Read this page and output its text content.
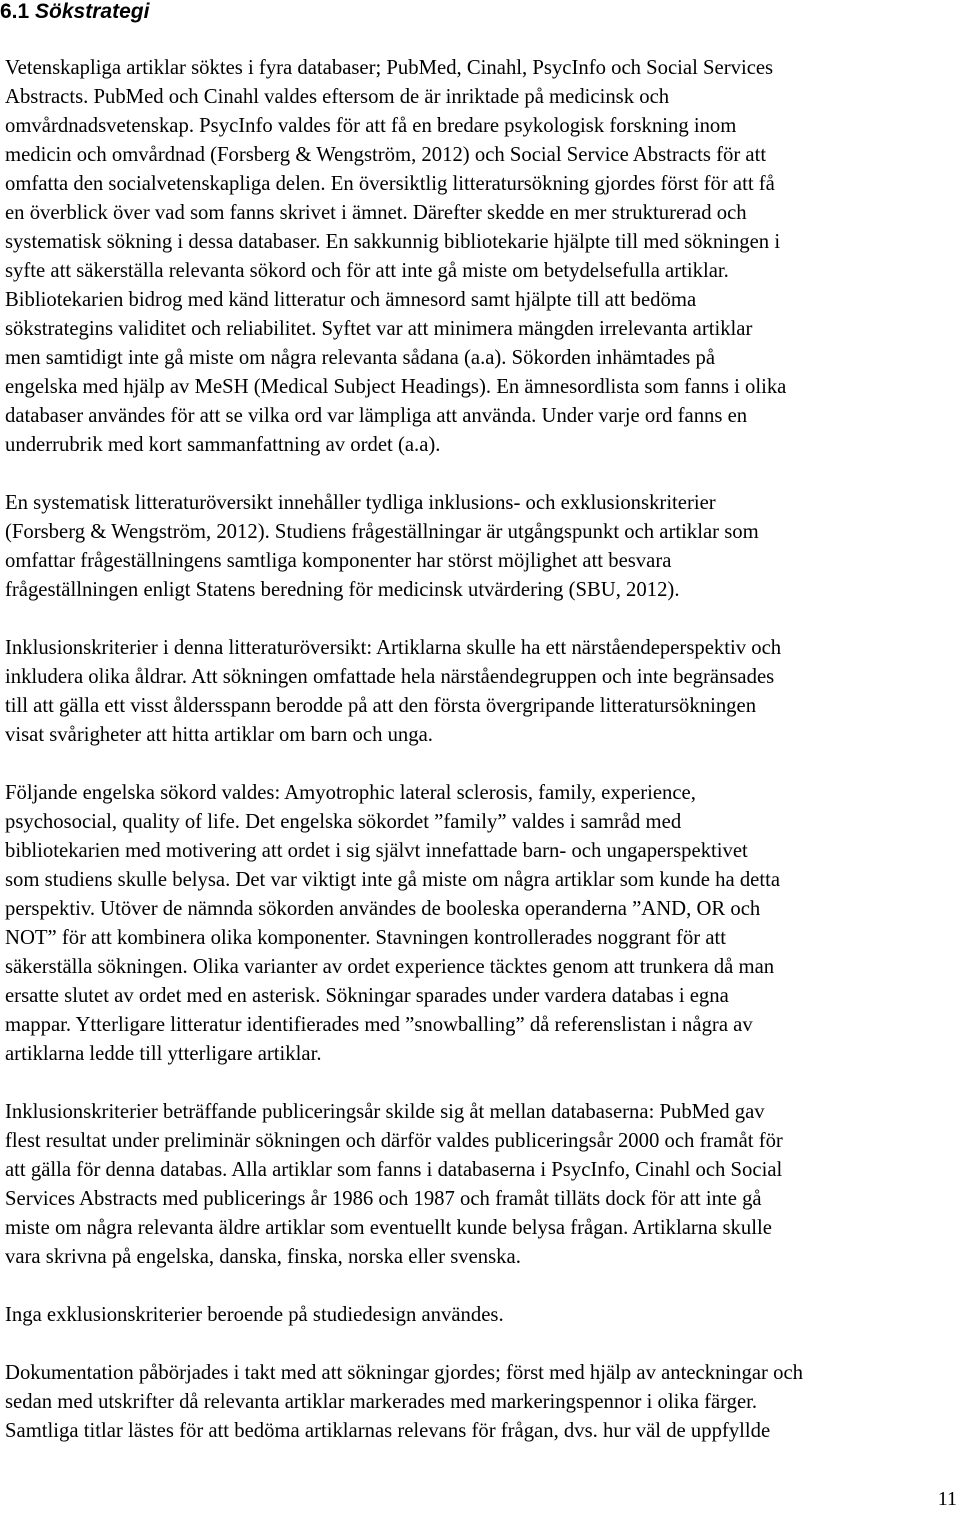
6.1 Sökstrategi
Vetenskapliga artiklar söktes i fyra databaser; PubMed, Cinahl, PsycInfo och Social Services
Abstracts. PubMed och Cinahl valdes eftersom de är inriktade på medicinsk och
omvårdnadsvetenskap. PsycInfo valdes för att få en bredare psykologisk forskning inom
medicin och omvårdnad (Forsberg & Wengström, 2012) och Social Service Abstracts för att
omfatta den socialvetenskapliga delen. En översiktlig litteratursökning gjordes först för att få
en överblick över vad som fanns skrivet i ämnet. Därefter skedde en mer strukturerad och
systematisk sökning i dessa databaser. En sakkunnig bibliotekarie hjälpte till med sökningen i
syfte att säkerställa relevanta sökord och för att inte gå miste om betydelsefulla artiklar.
Bibliotekarien bidrog med känd litteratur och ämnesord samt hjälpte till att bedöma
sökstrategins validitet och reliabilitet. Syftet var att minimera mängden irrelevanta artiklar
men samtidigt inte gå miste om några relevanta sådana (a.a). Sökorden inhämtades på
engelska med hjälp av MeSH (Medical Subject Headings). En ämnesordlista som fanns i olika
databaser användes för att se vilka ord var lämpliga att använda. Under varje ord fanns en
underrubrik med kort sammanfattning av ordet (a.a).
En systematisk litteraturöversikt innehåller tydliga inklusions- och exklusionskriterier
(Forsberg & Wengström, 2012). Studiens frågeställningar är utgångspunkt och artiklar som
omfattar frågeställningens samtliga komponenter har störst möjlighet att besvara
frågeställningen enligt Statens beredning för medicinsk utvärdering (SBU, 2012).
Inklusionskriterier i denna litteraturöversikt: Artiklarna skulle ha ett närståendeperspektiv och
inkludera olika åldrar. Att sökningen omfattade hela närståendegruppen och inte begränsades
till att gälla ett visst åldersspann berodde på att den första övergripande litteratursökningen
visat svårigheter att hitta artiklar om barn och unga.
Följande engelska sökord valdes: Amyotrophic lateral sclerosis, family, experience,
psychosocial, quality of life. Det engelska sökordet ”family” valdes i samråd med
bibliotekarien med motivering att ordet i sig självt innefattade barn- och ungaperspektivet
som studiens skulle belysa. Det var viktigt inte gå miste om några artiklar som kunde ha detta
perspektiv. Utöver de nämnda sökorden användes de booleska operanderna ”AND, OR och
NOT” för att kombinera olika komponenter. Stavningen kontrollerades noggrant för att
säkerställa sökningen. Olika varianter av ordet experience täcktes genom att trunkera då man
ersatte slutet av ordet med en asterisk. Sökningar sparades under vardera databas i egna
mappar. Ytterligare litteratur identifierades med ”snowballing” då referenslistan i några av
artiklarna ledde till ytterligare artiklar.
Inklusionskriterier beträffande publiceringsår skilde sig åt mellan databaserna: PubMed gav
flest resultat under preliminär sökningen och därför valdes publiceringsår 2000 och framåt för
att gälla för denna databas. Alla artiklar som fanns i databaserna i PsycInfo, Cinahl och Social
Services Abstracts med publicerings år 1986 och 1987 och framåt tilläts dock för att inte gå
miste om några relevanta äldre artiklar som eventuellt kunde belysa frågan. Artiklarna skulle
vara skrivna på engelska, danska, finska, norska eller svenska.
Inga exklusionskriterier beroende på studiedesign användes.
Dokumentation påbörjades i takt med att sökningar gjordes; först med hjälp av anteckningar och
sedan med utskrifter då relevanta artiklar markerades med markeringspennor i olika färger.
Samtliga titlar lästes för att bedöma artiklarnas relevans för frågan, dvs. hur väl de uppfyllde
11
